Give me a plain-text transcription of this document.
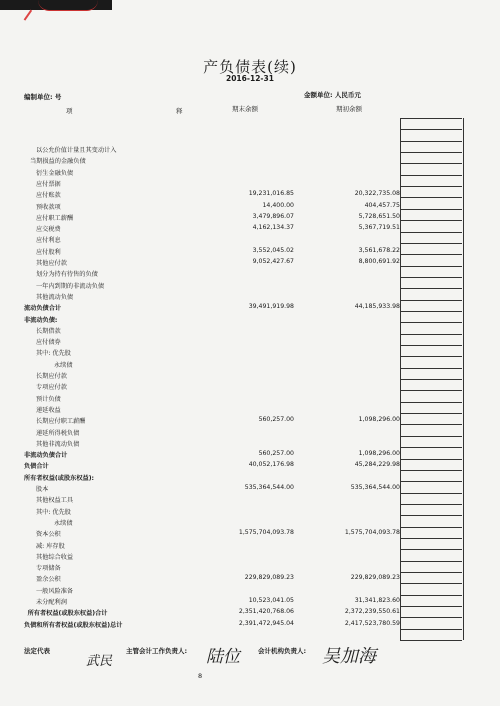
产负债表(续)
2016-12-31
编制单位: 号	金额单位: 人民币元
项	释	期末余额	期初余额
以公允价值计量且其变动计入
当期损益的金融负债
衍生金融负债
应付票据
应付账款	19,231,016.85	20,322,735.08
预收款项	14,400.00	404,457.75
应付职工薪酬	3,479,896.07	5,728,651.50
应交税费	4,162,134.37	5,367,719.51
应付利息
应付股利	3,552,045.02	3,561,678.22
其他应付款	9,052,427.67	8,800,691.92
划分为持有待售的负债
一年内到期的非流动负债
其他流动负债
流动负债合计	39,491,919.98	44,185,933.98
非流动负债:
长期借款
应付债券
其中: 优先股
永续债
长期应付款
专项应付款
预计负债
递延收益
长期应付职工薪酬	560,257.00	1,098,296.00
递延所得税负债
其他非流动负债
非流动负债合计	560,257.00	1,098,296.00
负债合计	40,052,176.98	45,284,229.98
所有者权益(或股东权益):
股本	535,364,544.00	535,364,544.00
其他权益工具
其中: 优先股
永续债
资本公积	1,575,704,093.78	1,575,704,093.78
减: 库存股
其他综合收益
专项储备
盈余公积	229,829,089.23	229,829,089.23
一般风险准备
未分配利润	10,523,041.05	31,341,823.60
所有者权益(或股东权益)合计	2,351,420,768.06	2,372,239,550.61
负债和所有者权益(或股东权益)总计	2,391,472,945.04	2,417,523,780.59
法定代表
武民
主管会计工作负责人: 陆位	会计机构负责人: 吴加海
8
